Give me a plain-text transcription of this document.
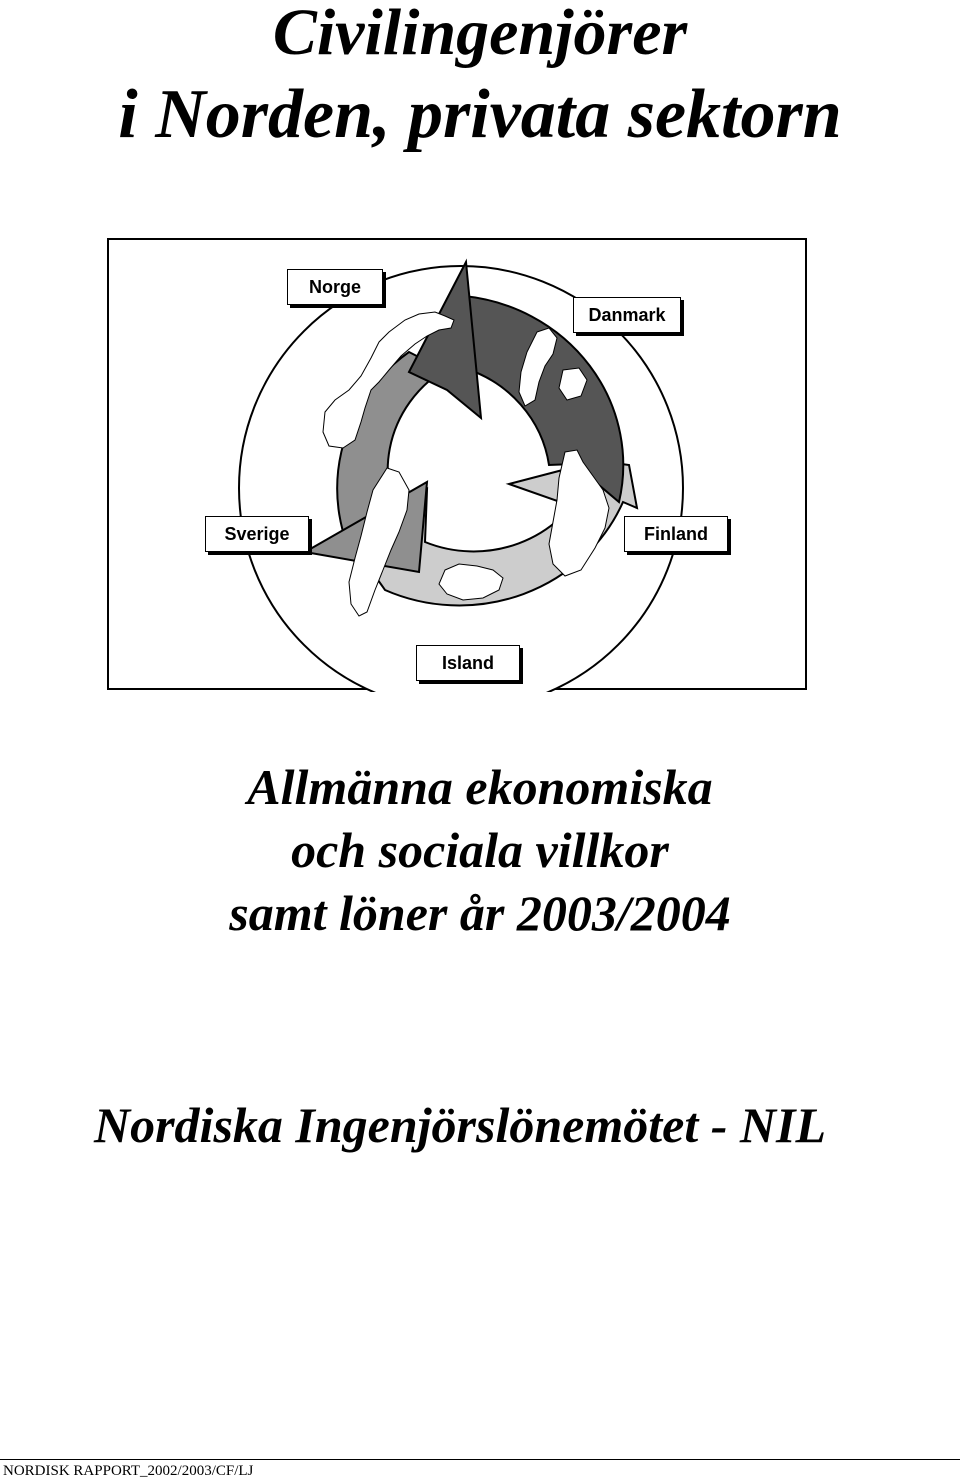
Civilingenjörer
i Norden, privata sektorn
Norge
Danmark
Sverige	Finland
Island
Allmänna ekonomiska
och sociala villkor
samt löner år 2003/2004
Nordiska Ingenjörslönemötet - NIL
NORDISK RAPPORT_2002/2003/CF/LJ
